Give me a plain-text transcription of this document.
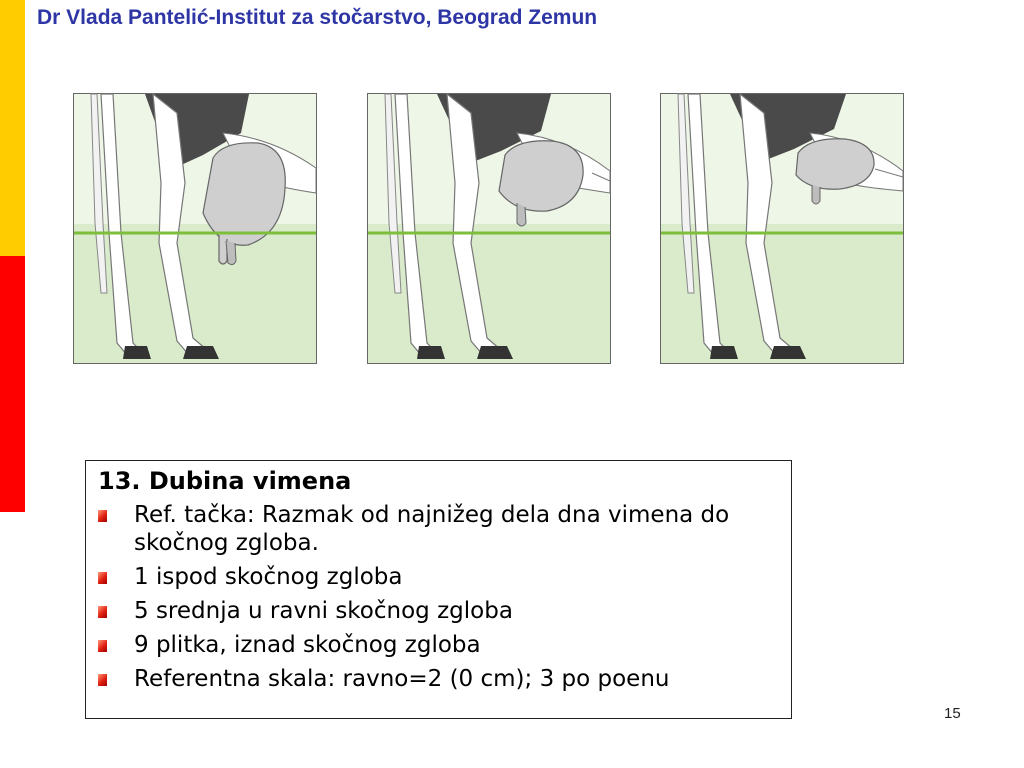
Dr Vlada Pantelić-Institut za stočarstvo, Beograd Zemun
13. Dubina vimena
Ref. tačka: Razmak od najnižeg dela dna vimena do skočnog zgloba.
1 ispod skočnog zgloba
5 srednja u ravni skočnog zgloba
9 plitka, iznad skočnog zgloba
Referentna skala: ravno=2 (0 cm); 3 po poenu
15
